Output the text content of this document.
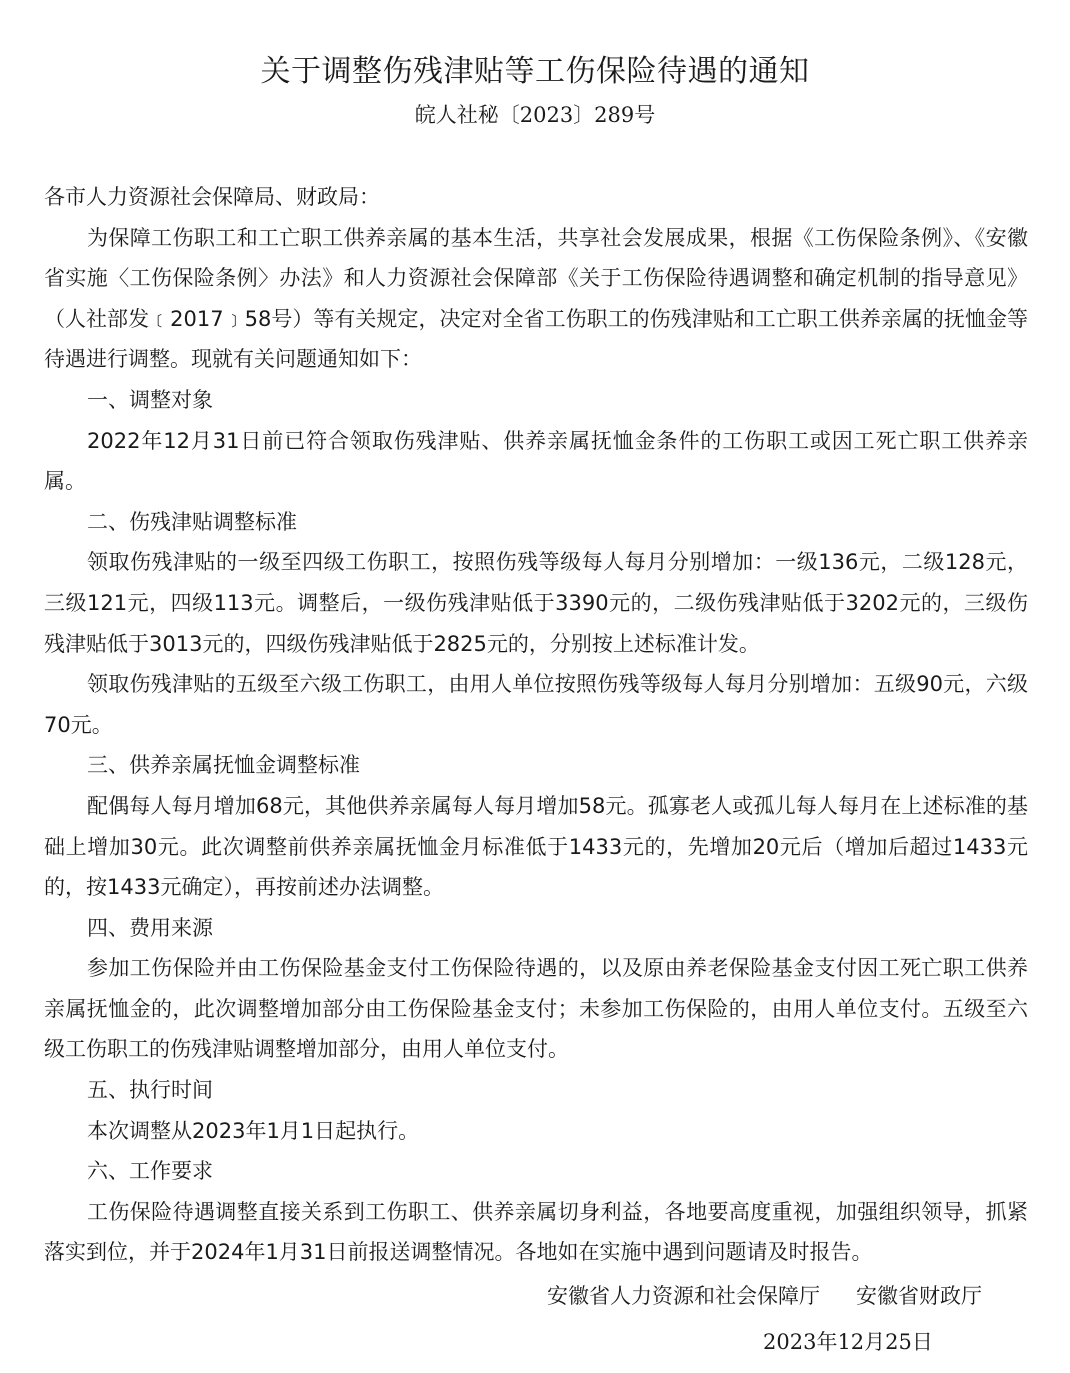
关于调整伤残津贴等工伤保险待遇的通知
皖人社秘〔2023〕289号

各市人力资源社会保障局、财政局：

为保障工伤职工和工亡职工供养亲属的基本生活，共享社会发展成果，根据《工伤保险条例》、《安徽省实施〈工伤保险条例〉办法》和人力资源社会保障部《关于工伤保险待遇调整和确定机制的指导意见》（人社部发﹝2017﹞58号）等有关规定，决定对全省工伤职工的伤残津贴和工亡职工供养亲属的抚恤金等待遇进行调整。现就有关问题通知如下：

一、调整对象

2022年12月31日前已符合领取伤残津贴、供养亲属抚恤金条件的工伤职工或因工死亡职工供养亲属。

二、伤残津贴调整标准

领取伤残津贴的一级至四级工伤职工，按照伤残等级每人每月分别增加：一级136元，二级128元，三级121元，四级113元。调整后，一级伤残津贴低于3390元的，二级伤残津贴低于3202元的，三级伤残津贴低于3013元的，四级伤残津贴低于2825元的，分别按上述标准计发。

领取伤残津贴的五级至六级工伤职工，由用人单位按照伤残等级每人每月分别增加：五级90元，六级70元。

三、供养亲属抚恤金调整标准

配偶每人每月增加68元，其他供养亲属每人每月增加58元。孤寡老人或孤儿每人每月在上述标准的基础上增加30元。此次调整前供养亲属抚恤金月标准低于1433元的，先增加20元后（增加后超过1433元的，按1433元确定），再按前述办法调整。

四、费用来源

参加工伤保险并由工伤保险基金支付工伤保险待遇的，以及原由养老保险基金支付因工死亡职工供养亲属抚恤金的，此次调整增加部分由工伤保险基金支付；未参加工伤保险的，由用人单位支付。五级至六级工伤职工的伤残津贴调整增加部分，由用人单位支付。

五、执行时间

本次调整从2023年1月1日起执行。

六、工作要求

工伤保险待遇调整直接关系到工伤职工、供养亲属切身利益，各地要高度重视，加强组织领导，抓紧落实到位，并于2024年1月31日前报送调整情况。各地如在实施中遇到问题请及时报告。

安徽省人力资源和社会保障厅 安徽省财政厅
2023年12月25日
